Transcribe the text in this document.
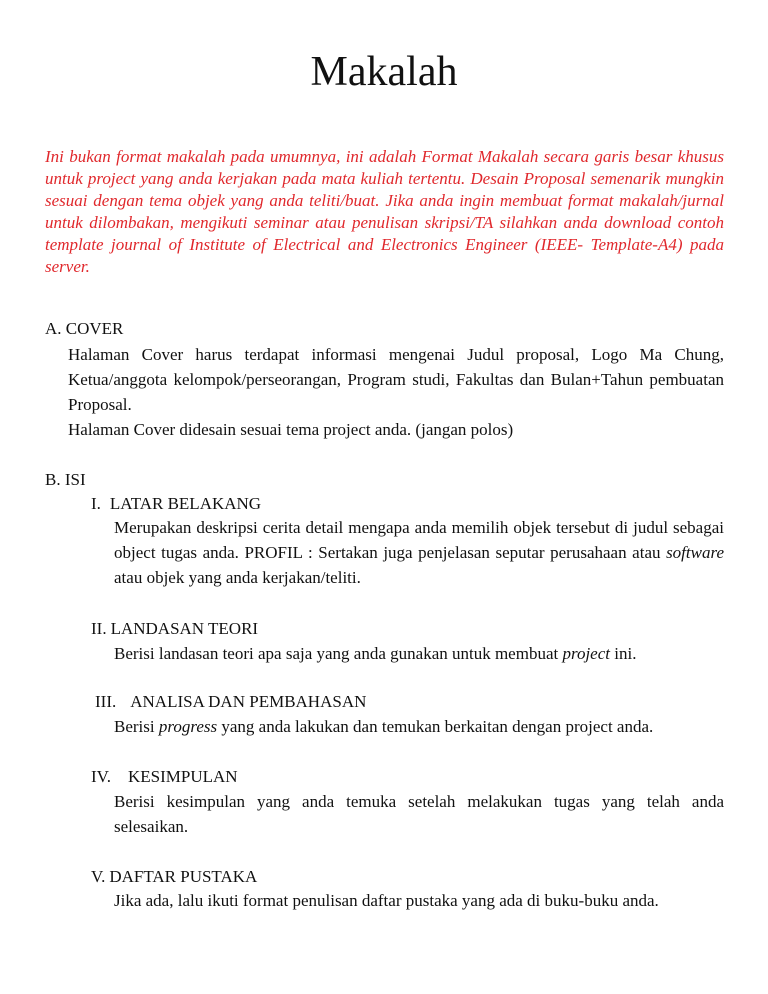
Makalah
Ini bukan format makalah pada umumnya, ini adalah Format Makalah secara garis besar khusus untuk project yang anda kerjakan pada mata kuliah tertentu. Desain Proposal semenarik mungkin sesuai dengan tema objek yang anda teliti/buat. Jika anda ingin membuat format makalah/jurnal untuk dilombakan, mengikuti seminar atau penulisan skripsi/TA silahkan anda download contoh template journal of Institute of Electrical and Electronics Engineer (IEEE- Template-A4) pada server.
A. COVER
Halaman Cover harus terdapat informasi mengenai Judul proposal, Logo Ma Chung, Ketua/anggota kelompok/perseorangan, Program studi, Fakultas dan Bulan+Tahun pembuatan Proposal.
Halaman Cover didesain sesuai tema project anda. (jangan polos)
B. ISI
I. LATAR BELAKANG
Merupakan deskripsi cerita detail mengapa anda memilih objek tersebut di judul sebagai object tugas anda. PROFIL : Sertakan juga penjelasan seputar perusahaan atau software atau objek yang anda kerjakan/teliti.
II. LANDASAN TEORI
Berisi landasan teori apa saja yang anda gunakan untuk membuat project ini.
III. ANALISA DAN PEMBAHASAN
Berisi progress yang anda lakukan dan temukan berkaitan dengan project anda.
IV. KESIMPULAN
Berisi kesimpulan yang anda temuka setelah melakukan tugas yang telah anda selesaikan.
V. DAFTAR PUSTAKA
Jika ada, lalu ikuti format penulisan daftar pustaka yang ada di buku-buku anda.
